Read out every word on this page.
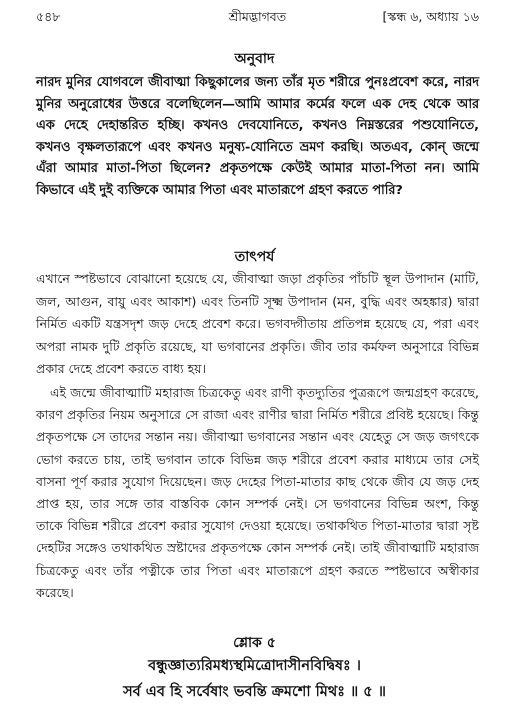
৫৪৮	শ্রীমদ্ভাগবত	[স্কন্ধ ৬, অধ্যায় ১৬
অনুবাদ

নারদ মুনির যোগবলে জীবাত্মা কিছুকালের জন্য তাঁর মৃত শরীরে পুনঃপ্রবেশ করে, নারদ মুনির অনুরোধের উত্তরে বলেছিলেন—আমি আমার কর্মের ফলে এক দেহ থেকে আর এক দেহে দেহান্তরিত হচ্ছি। কখনও দেবযোনিতে, কখনও নিম্নস্তরের পশুযোনিতে, কখনও বৃক্ষলতারূপে এবং কখনও মনুষ্য-যোনিতে ভ্রমণ করছি। অতএব, কোন্ জন্মে এঁরা আমার মাতা-পিতা ছিলেন? প্রকৃতপক্ষে কেউই আমার মাতা-পিতা নন। আমি কিভাবে এই দুই ব্যক্তিকে আমার পিতা এবং মাতারূপে গ্রহণ করতে পারি?

তাৎপর্য

এখানে স্পষ্টভাবে বোঝানো হয়েছে যে, জীবাত্মা জড়া প্রকৃতির পাঁচটি স্থূল উপাদান (মাটি, জল, আগুন, বায়ু এবং আকাশ) এবং তিনটি সূক্ষ্ম উপাদান (মন, বুদ্ধি এবং অহঙ্কার) দ্বারা নির্মিত একটি যন্ত্রসদৃশ জড় দেহে প্রবেশ করে। ভগবদ্গীতায় প্রতিপন্ন হয়েছে যে, পরা এবং অপরা নামক দুটি প্রকৃতি রয়েছে, যা ভগবানের প্রকৃতি। জীব তার কর্মফল অনুসারে বিভিন্ন প্রকার দেহে প্রবেশ করতে বাধ্য হয়।

এই জন্মে জীবাত্মাটি মহারাজ চিত্রকেতু এবং রাণী কৃতদ্যুতির পুত্ররূপে জন্মগ্রহণ করেছে, কারণ প্রকৃতির নিয়ম অনুসারে সে রাজা এবং রাণীর দ্বারা নির্মিত শরীরে প্রবিষ্ট হয়েছে। কিন্তু প্রকৃতপক্ষে সে তাদের সন্তান নয়। জীবাত্মা ভগবানের সন্তান এবং যেহেতু সে জড় জগৎকে ভোগ করতে চায়, তাই ভগবান তাকে বিভিন্ন জড় শরীরে প্রবেশ করার মাধ্যমে তার সেই বাসনা পূর্ণ করার সুযোগ দিয়েছেন। জড় দেহের পিতা-মাতার কাছ থেকে জীব যে জড় দেহ প্রাপ্ত হয়, তার সঙ্গে তার বাস্তবিক কোন সম্পর্ক নেই। সে ভগবানের বিভিন্ন অংশ, কিন্তু তাকে বিভিন্ন শরীরে প্রবেশ করার সুযোগ দেওয়া হয়েছে। তথাকথিত পিতা-মাতার দ্বারা সৃষ্ট দেহটির সঙ্গেও তথাকথিত স্রষ্টাদের প্রকৃতপক্ষে কোন সম্পর্ক নেই। তাই জীবাত্মাটি মহারাজ চিত্রকেতু এবং তাঁর পত্নীকে তার পিতা এবং মাতারূপে গ্রহণ করতে স্পষ্টভাবে অস্বীকার করেছে।

শ্লোক ৫
বন্ধুজ্ঞাত্যরিমধ্যস্থমিত্রোদাসীনবিদ্বিষঃ ।
সর্ব এব হি সর্বেষাং ভবন্তি ক্রমশো মিথঃ ॥ ৫ ॥
